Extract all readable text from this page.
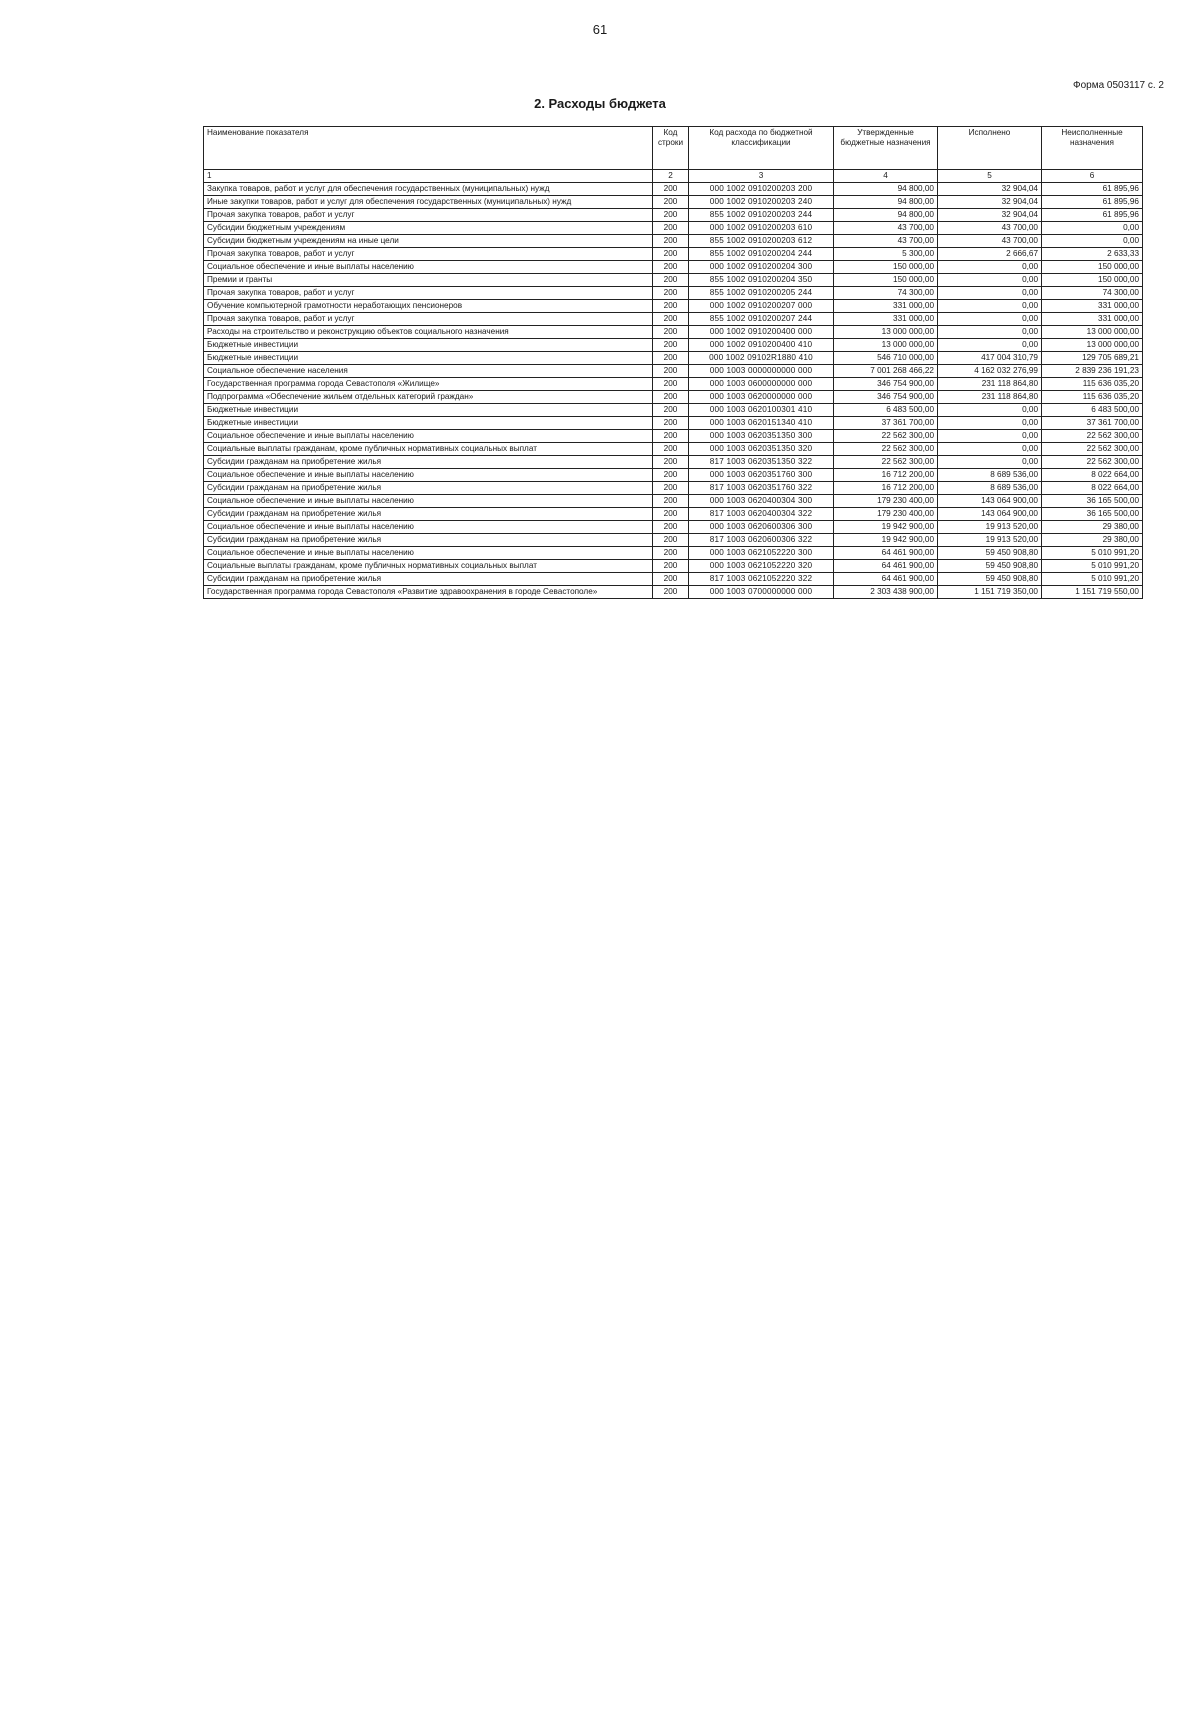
61
Форма 0503117 с. 2
2. Расходы бюджета
Наименование показателя	Код строки	Код расхода по бюджетной классификации	Утвержденные бюджетные назначения	Исполнено	Неисполненные назначения
1	2	3	4	5	6
Закупка товаров, работ и услуг для обеспечения государственных (муниципальных) нужд	200	000 1002 0910200203 200	94 800,00	32 904,04	61 895,96
Иные закупки товаров, работ и услуг для обеспечения государственных (муниципальных) нужд	200	000 1002 0910200203 240	94 800,00	32 904,04	61 895,96
Прочая закупка товаров, работ и услуг	200	855 1002 0910200203 244	94 800,00	32 904,04	61 895,96
Субсидии бюджетным учреждениям	200	000 1002 0910200203 610	43 700,00	43 700,00	0,00
Субсидии бюджетным учреждениям на иные цели	200	855 1002 0910200203 612	43 700,00	43 700,00	0,00
Прочая закупка товаров, работ и услуг	200	855 1002 0910200204 244	5 300,00	2 666,67	2 633,33
Социальное обеспечение и иные выплаты населению	200	000 1002 0910200204 300	150 000,00	0,00	150 000,00
Премии и гранты	200	855 1002 0910200204 350	150 000,00	0,00	150 000,00
Прочая закупка товаров, работ и услуг	200	855 1002 0910200205 244	74 300,00	0,00	74 300,00
Обучение компьютерной грамотности неработающих пенсионеров	200	000 1002 0910200207 000	331 000,00	0,00	331 000,00
Прочая закупка товаров, работ и услуг	200	855 1002 0910200207 244	331 000,00	0,00	331 000,00
Расходы на строительство и реконструкцию объектов социального назначения	200	000 1002 0910200400 000	13 000 000,00	0,00	13 000 000,00
Бюджетные инвестиции	200	000 1002 0910200400 410	13 000 000,00	0,00	13 000 000,00
Бюджетные инвестиции	200	000 1002 09102R1880 410	546 710 000,00	417 004 310,79	129 705 689,21
Социальное обеспечение населения	200	000 1003 0000000000 000	7 001 268 466,22	4 162 032 276,99	2 839 236 191,23
Государственная программа города Севастополя «Жилище»	200	000 1003 0600000000 000	346 754 900,00	231 118 864,80	115 636 035,20
Подпрограмма «Обеспечение жильем отдельных категорий граждан»	200	000 1003 0620000000 000	346 754 900,00	231 118 864,80	115 636 035,20
Бюджетные инвестиции	200	000 1003 0620100301 410	6 483 500,00	0,00	6 483 500,00
Бюджетные инвестиции	200	000 1003 0620151340 410	37 361 700,00	0,00	37 361 700,00
Социальное обеспечение и иные выплаты населению	200	000 1003 0620351350 300	22 562 300,00	0,00	22 562 300,00
Социальные выплаты гражданам, кроме публичных нормативных социальных выплат	200	000 1003 0620351350 320	22 562 300,00	0,00	22 562 300,00
Субсидии гражданам на приобретение жилья	200	817 1003 0620351350 322	22 562 300,00	0,00	22 562 300,00
Социальное обеспечение и иные выплаты населению	200	000 1003 0620351760 300	16 712 200,00	8 689 536,00	8 022 664,00
Субсидии гражданам на приобретение жилья	200	817 1003 0620351760 322	16 712 200,00	8 689 536,00	8 022 664,00
Социальное обеспечение и иные выплаты населению	200	000 1003 0620400304 300	179 230 400,00	143 064 900,00	36 165 500,00
Субсидии гражданам на приобретение жилья	200	817 1003 0620400304 322	179 230 400,00	143 064 900,00	36 165 500,00
Социальное обеспечение и иные выплаты населению	200	000 1003 0620600306 300	19 942 900,00	19 913 520,00	29 380,00
Субсидии гражданам на приобретение жилья	200	817 1003 0620600306 322	19 942 900,00	19 913 520,00	29 380,00
Социальное обеспечение и иные выплаты населению	200	000 1003 0621052220 300	64 461 900,00	59 450 908,80	5 010 991,20
Социальные выплаты гражданам, кроме публичных нормативных социальных выплат	200	000 1003 0621052220 320	64 461 900,00	59 450 908,80	5 010 991,20
Субсидии гражданам на приобретение жилья	200	817 1003 0621052220 322	64 461 900,00	59 450 908,80	5 010 991,20
Государственная программа города Севастополя «Развитие здравоохранения в городе Севастополе»	200	000 1003 0700000000 000	2 303 438 900,00	1 151 719 350,00	1 151 719 550,00
